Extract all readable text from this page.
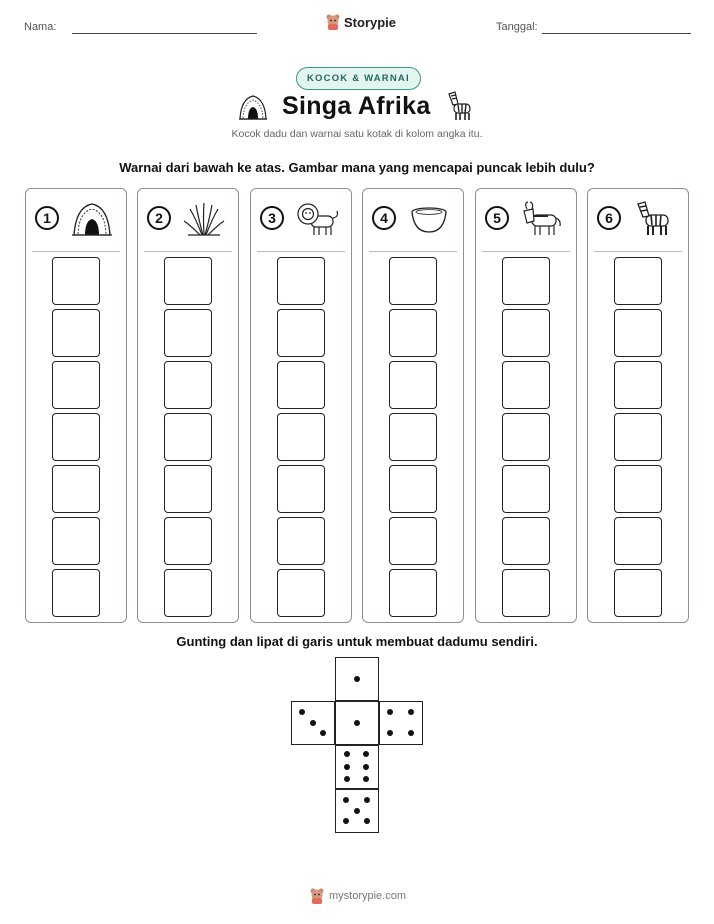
Nama:	Storypie	Tanggal:
KOCOK & WARNAI
Singa Afrika
Kocok dadu dan warnai satu kotak di kolom angka itu.
Warnai dari bawah ke atas. Gambar mana yang mencapai puncak lebih dulu?
1	2	3	4	5	6
Gunting dan lipat di garis untuk membuat dadumu sendiri.
mystorypie.com
